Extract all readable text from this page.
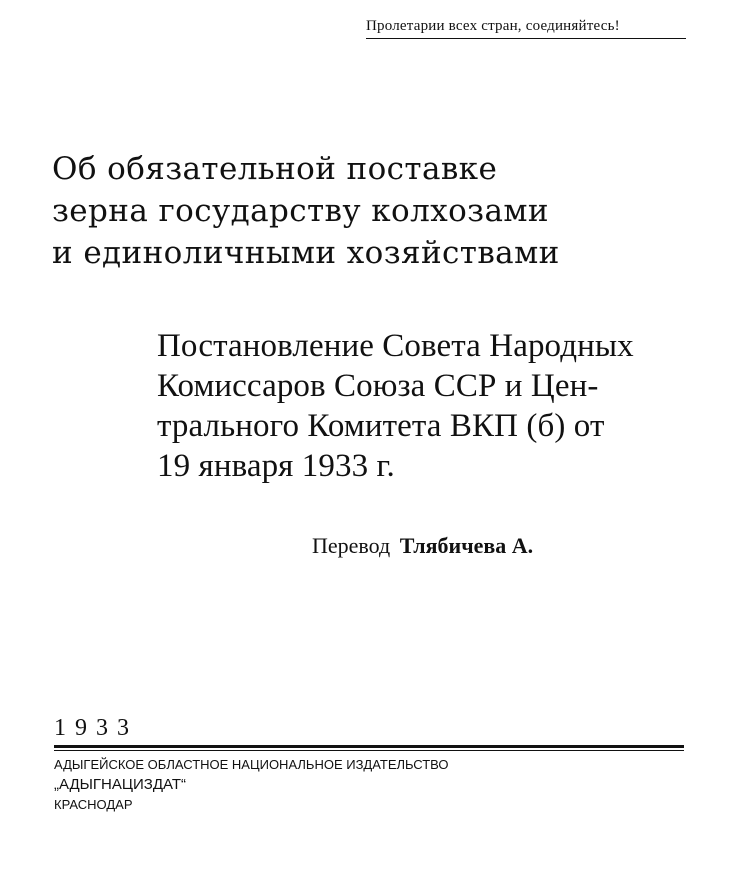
Пролетарии всех стран, соединяйтесь!
Об обязательной поставке
зерна государству колхозами
и единоличными хозяйствами
Постановление Совета Народных
Комиссаров Союза ССР и Цен-
трального Комитета ВКП (б) от
19 января 1933 г.
Перевод Тлябичева А.
1933
АДЫГЕЙСКОЕ ОБЛАСТНОЕ НАЦИОНАЛЬНОЕ ИЗДАТЕЛЬСТВО
„АДЫГНАЦИЗДАТ“
КРАСНОДАР
